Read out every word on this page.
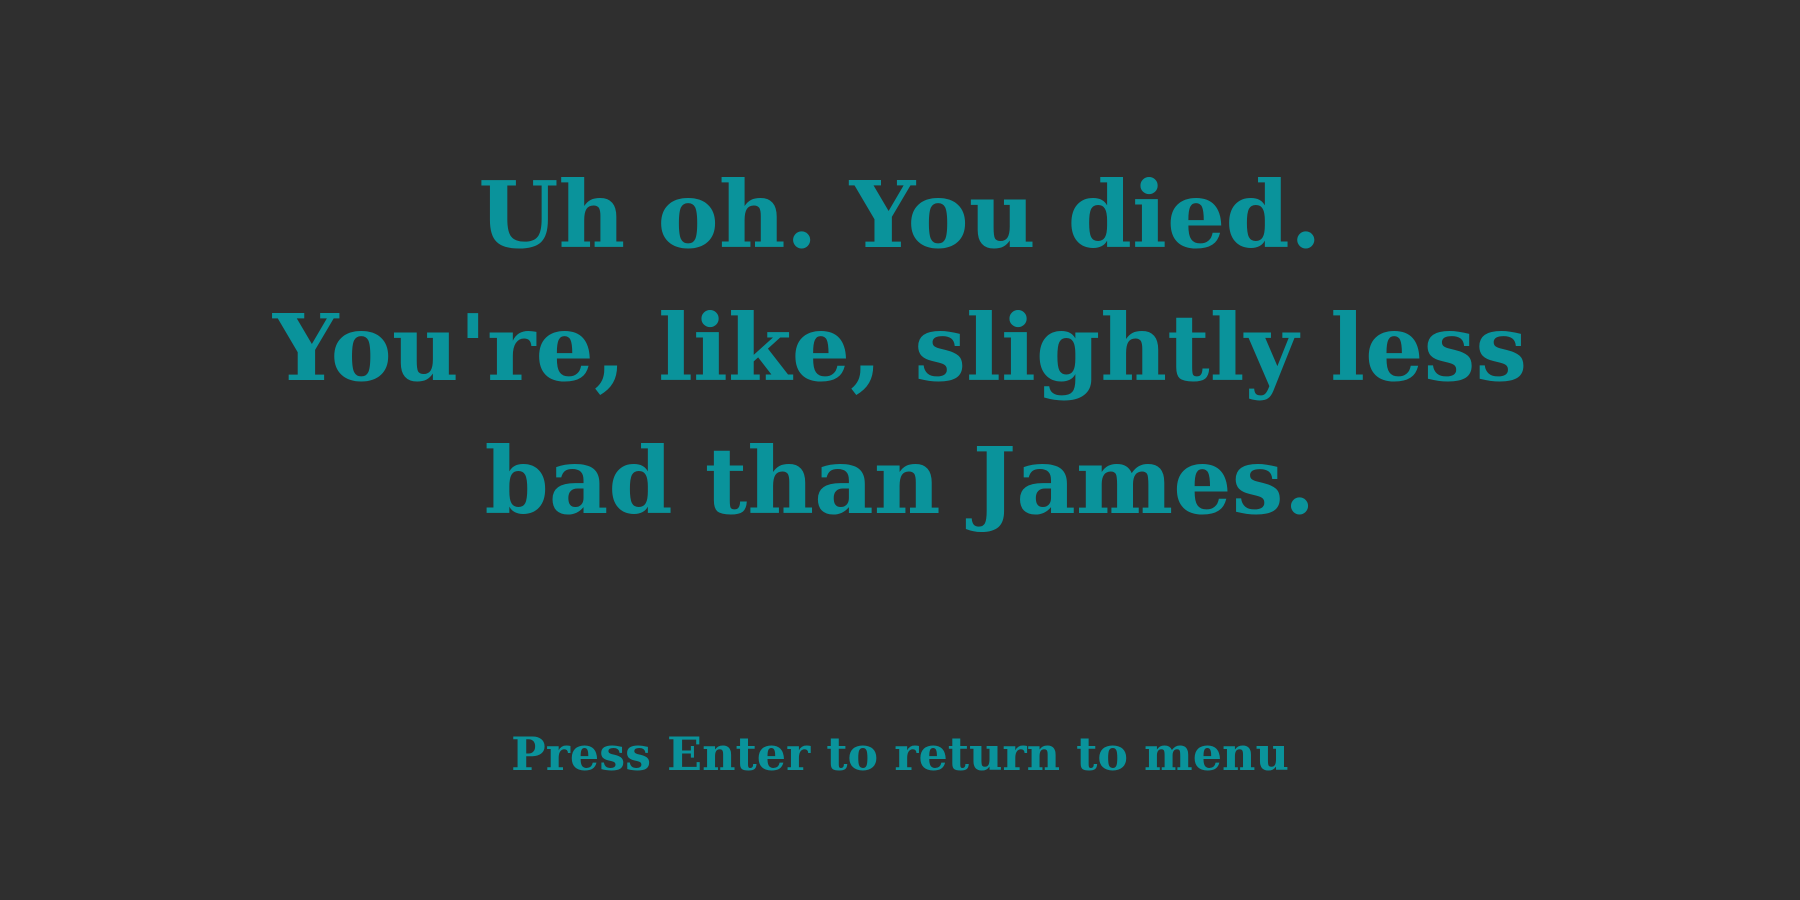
Uh oh. You died.
You're, like, slightly less
bad than James.
Press Enter to return to menu
